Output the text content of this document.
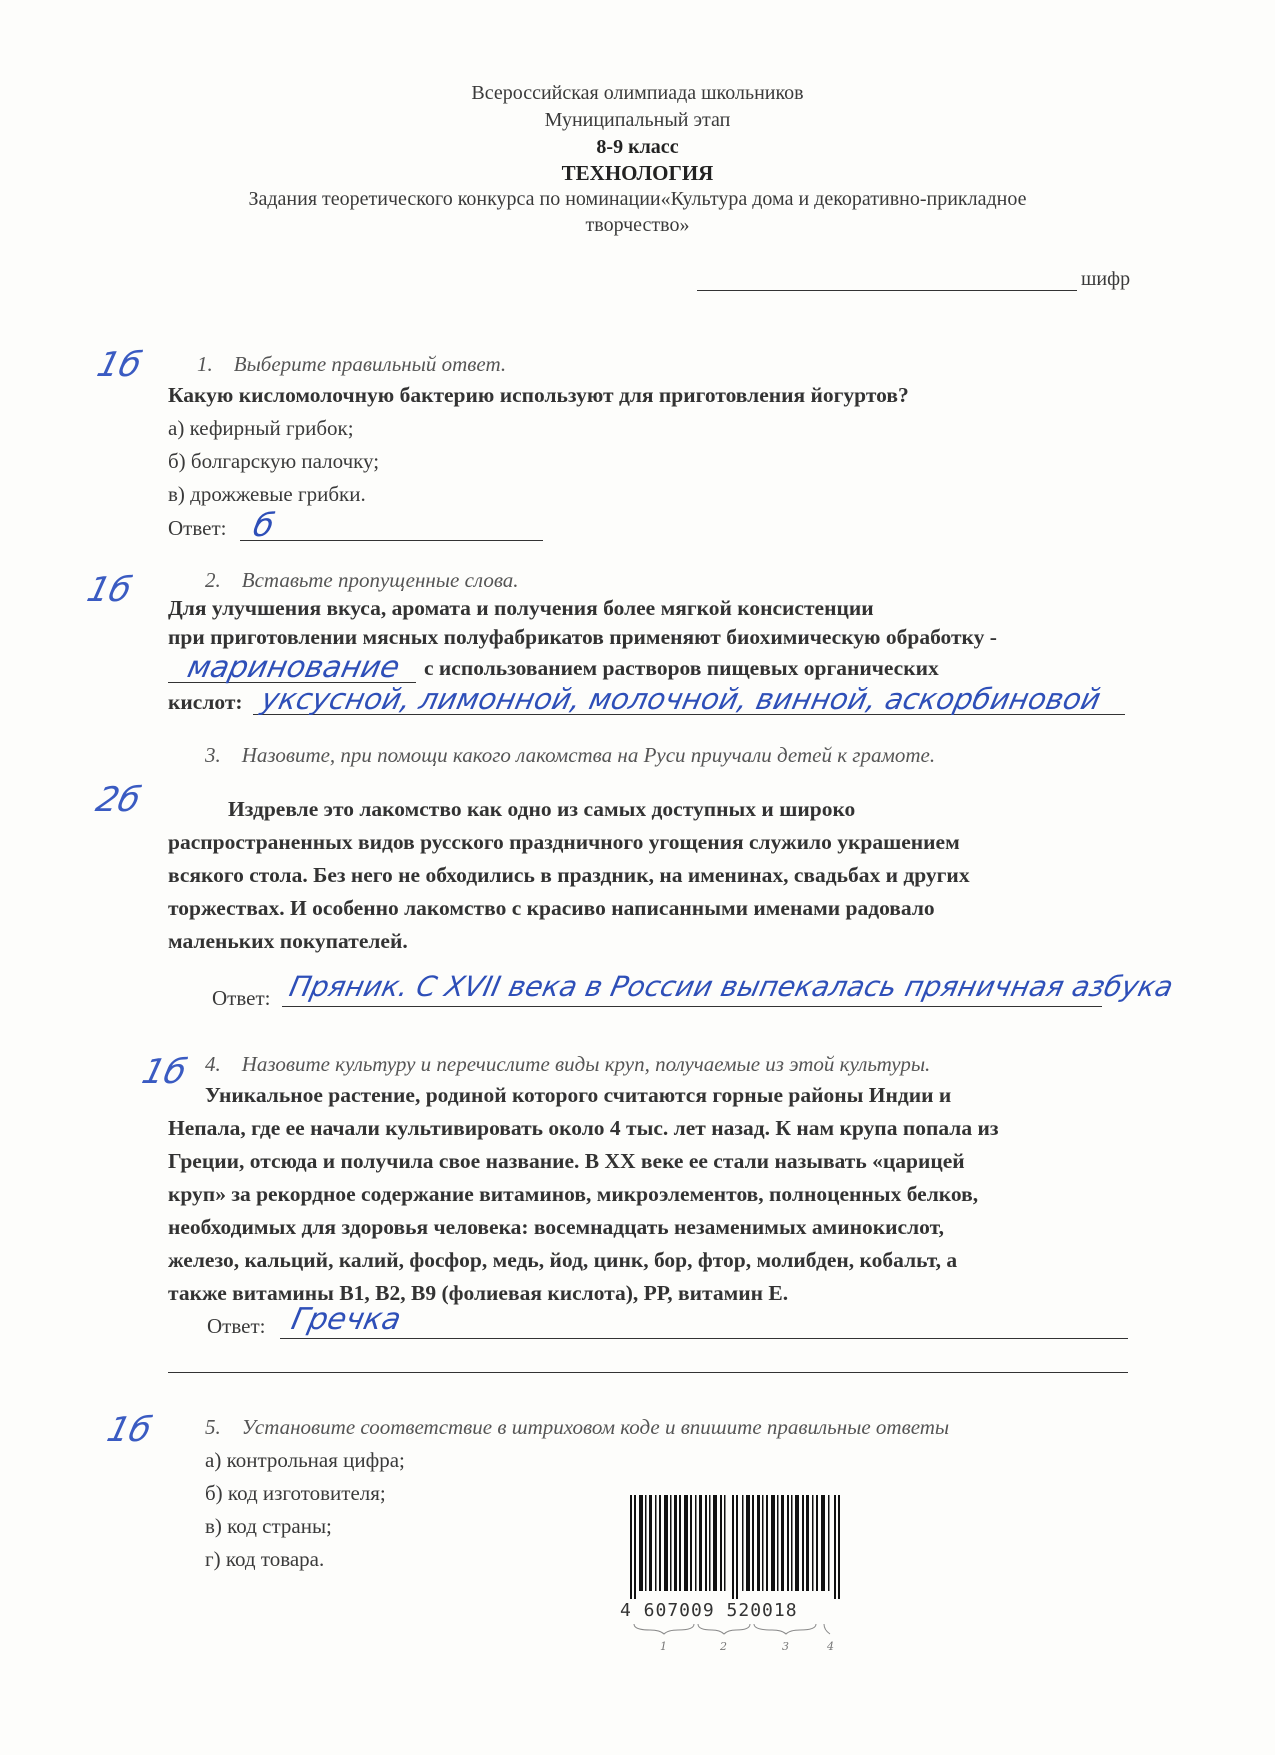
Всероссийская олимпиада школьников
Муниципальный этап
8-9 класс
ТЕХНОЛОГИЯ
Задания теоретического конкурса по номинации«Культура дома и декоративно-прикладное
творчество»
шифр
1б 1. Выберите правильный ответ.
Какую кисломолочную бактерию используют для приготовления йогуртов?
а) кефирный грибок;
б) болгарскую палочку;
в) дрожжевые грибки.
Ответ: б
1б	2. Вставьте пропущенные слова.
Для улучшения вкуса, аромата и получения более мягкой консистенции
при приготовлении мясных полуфабрикатов применяют биохимическую обработку -
маринование с использованием растворов пищевых органических
кислот: уксусной, лимонной, молочной, винной, аскорбиновой
3. Назовите, при помощи какого лакомства на Руси приучали детей к грамоте.
2б	Издревле это лакомство как одно из самых доступных и широко
распространенных видов русского праздничного угощения служило украшением
всякого стола. Без него не обходились в праздник, на именинах, свадьбах и других
торжествах. И особенно лакомство с красиво написанными именами радовало
маленьких покупателей.
Ответ: Пряник. С XVII века в России выпекалась пряничная азбука
1б 4. Назовите культуру и перечислите виды круп, получаемые из этой культуры.
Уникальное растение, родиной которого считаются горные районы Индии и
Непала, где ее начали культивировать около 4 тыс. лет назад. К нам крупа попала из
Греции, отсюда и получила свое название. В XX веке ее стали называть «царицей
круп» за рекордное содержание витаминов, микроэлементов, полноценных белков,
необходимых для здоровья человека: восемнадцать незаменимых аминокислот,
железо, кальций, калий, фосфор, медь, йод, цинк, бор, фтор, молибден, кобальт, а
также витамины В1, В2, В9 (фолиевая кислота), РР, витамин Е.
Ответ: Гречка
1б 5. Установите соответствие в штриховом коде и впишите правильные ответы
а) контрольная цифра;
б) код изготовителя;
в) код страны;
г) код товара.
4 607009 520018
1	2	3	4
